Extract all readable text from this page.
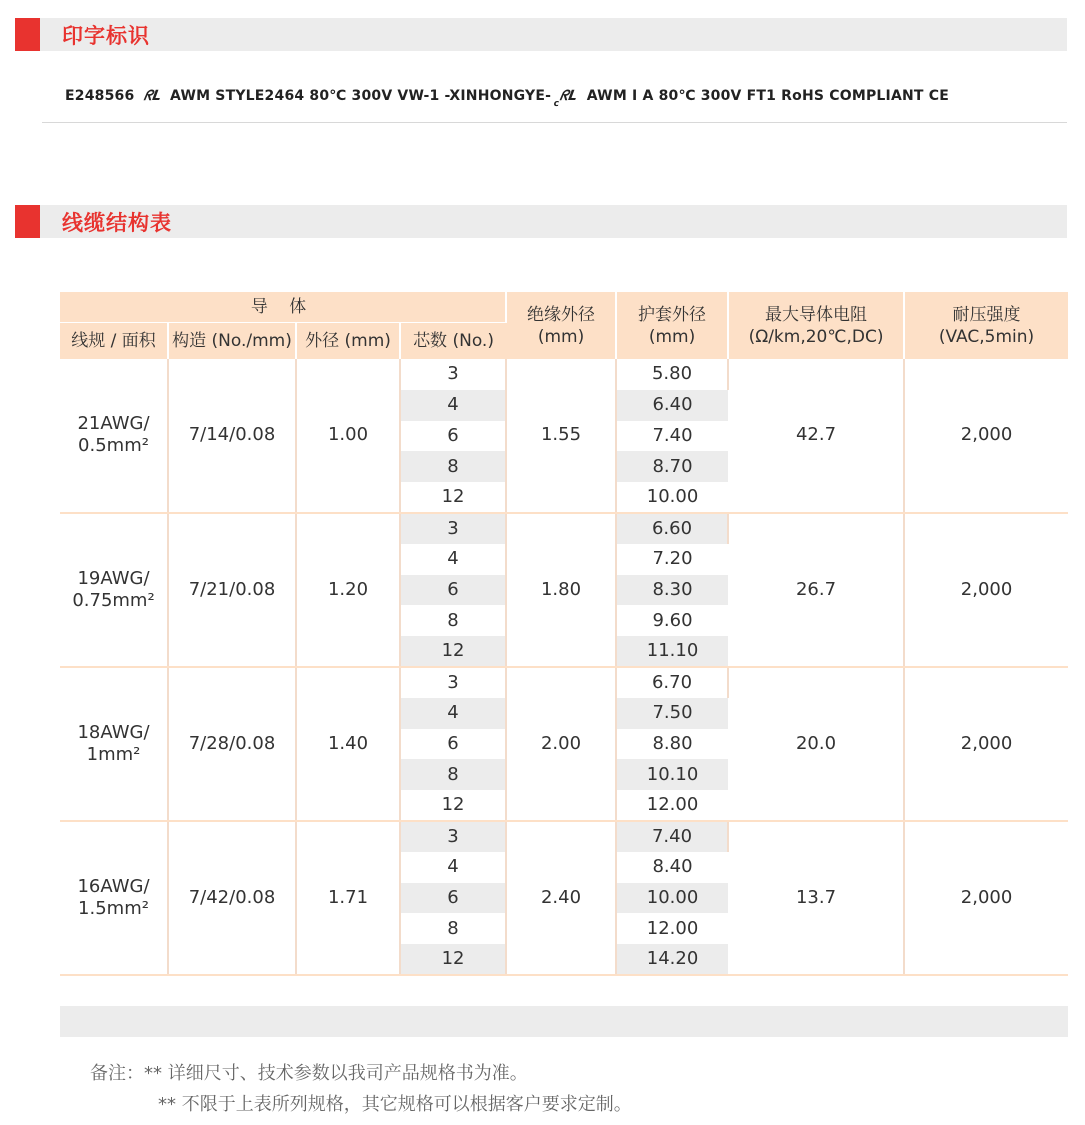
印字标识
E248566 ᖇᒪ AWM STYLE2464 80℃ 300V VW-1 -XINHONGYE- c
ᖇᒪ AWM I A 80℃ 300V FT1 RoHS COMPLIANT CE
线缆结构表
导 体				绝缘外径
(mm)	护套外径
(mm)	最大导体电阻
(Ω/km,20℃,DC)	耐压强度
(VAC,5min)
线规 / 面积	构造 (No./mm)	外径 (mm)	芯数 (No.)				
21AWG/
0.5mm²	7/14/0.08	1.00	3	1.55	5.80	42.7	2,000
			4		6.40		
			6		7.40		
			8		8.70		
			12		10.00		
19AWG/
0.75mm²	7/21/0.08	1.20	3	1.80	6.60	26.7	2,000
			4		7.20		
			6		8.30		
			8		9.60		
			12		11.10		
18AWG/
1mm²	7/28/0.08	1.40	3	2.00	6.70	20.0	2,000
			4		7.50		
			6		8.80		
			8		10.10		
			12		12.00		
16AWG/
1.5mm²	7/42/0.08	1.71	3	2.40	7.40	13.7	2,000
			4		8.40		
			6		10.00		
			8		12.00		
			12		14.20		
备注：** 详细尺寸、技术参数以我司产品规格书为准。
** 不限于上表所列规格，其它规格可以根据客户要求定制。
